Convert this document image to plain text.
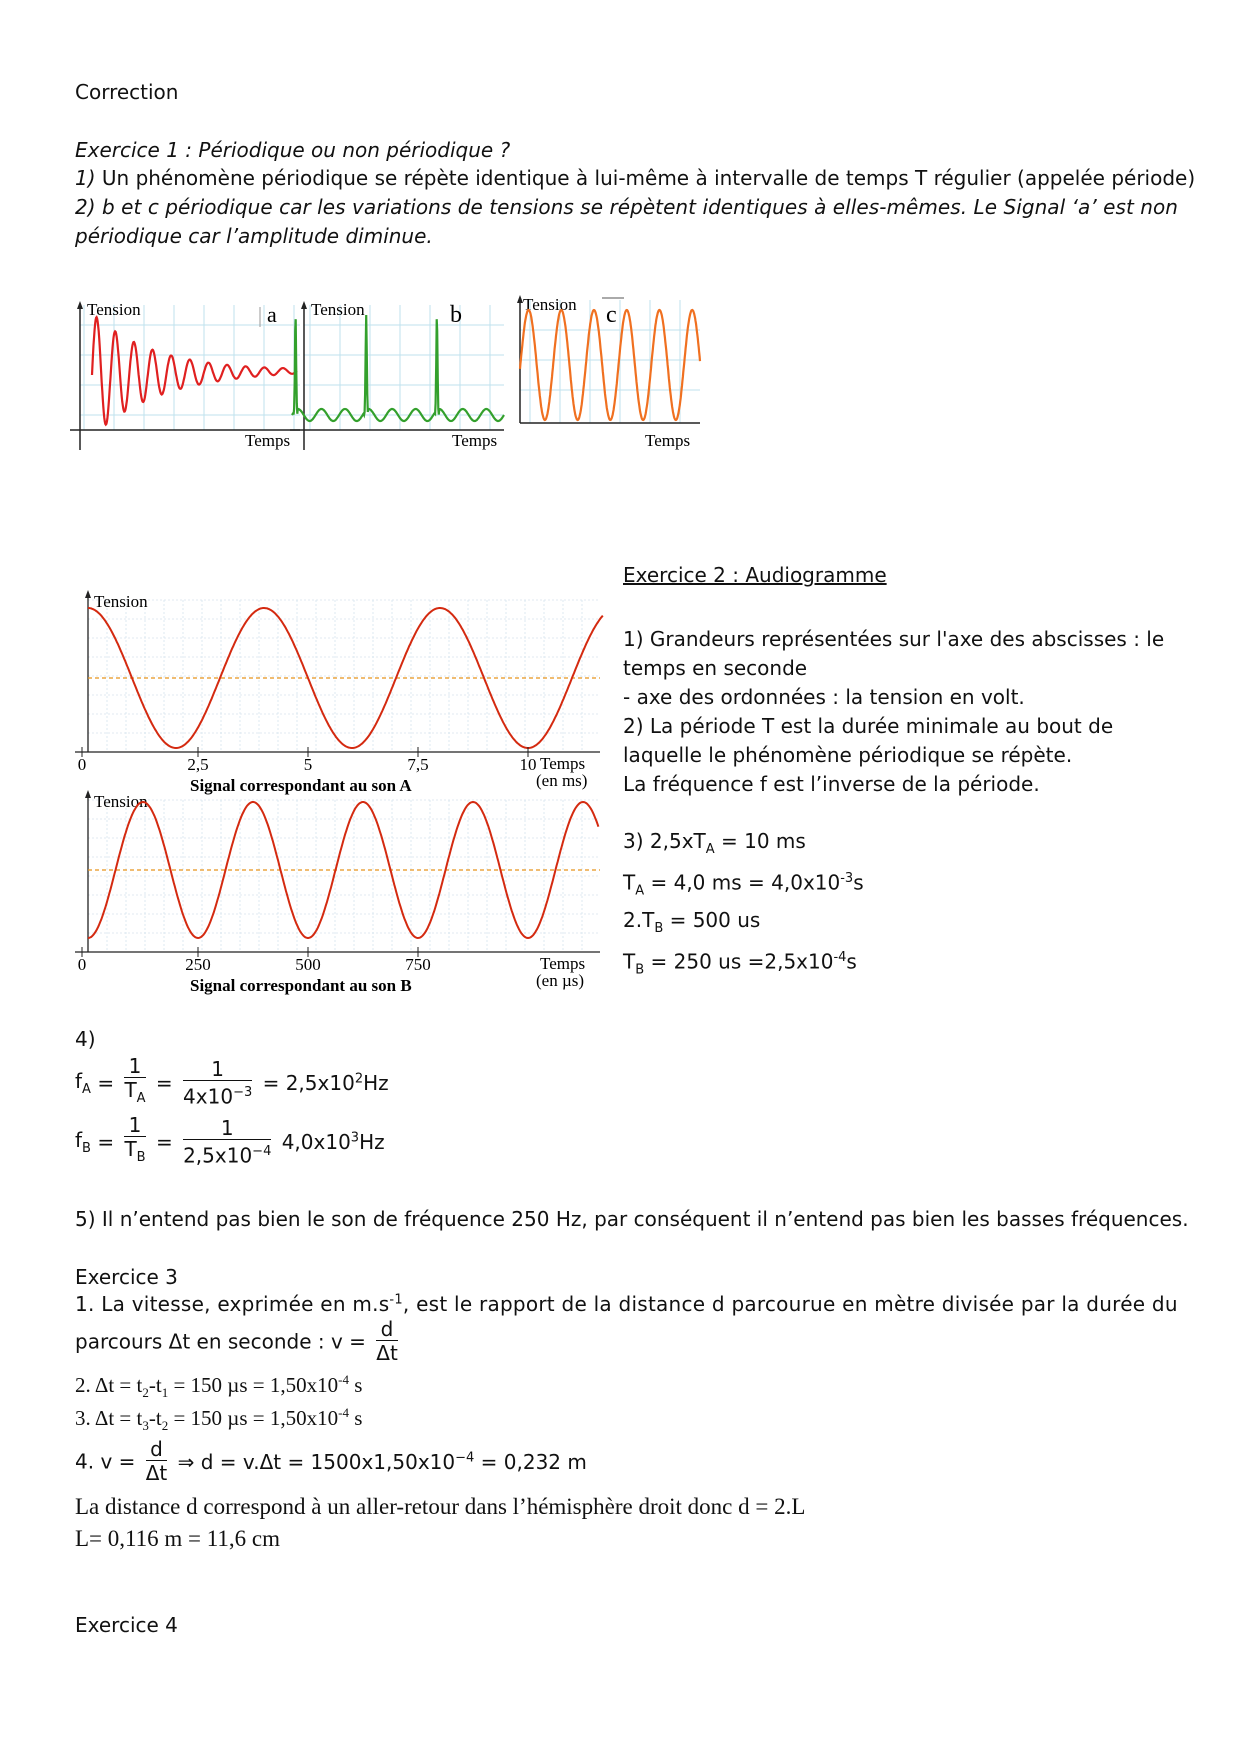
Correction
Exercice 1 : Périodique ou non périodique ?
1) Un phénomène périodique se répète identique à lui-même à intervalle de temps T régulier (appelée période)
2) b et c périodique car les variations de tensions se répètent identiques à elles-mêmes. Le Signal ‘a’ est non
périodique car l’amplitude diminue.
Tension
Temps
a Tension
Temps
b	Tension
Temps
c
Tension
0	2,5	5	7,5	10 Temps
(en ms)
Signal correspondant au son A
Tension
0	250	500	750	Temps
(en µs)
Signal correspondant au son B
Exercice 2 : Audiogramme
1) Grandeurs représentées sur l'axe des abscisses : le
temps en seconde
- axe des ordonnées : la tension en volt.
2) La période T est la durée minimale au bout de
laquelle le phénomène périodique se répète.
La fréquence f est l’inverse de la période.
3) $2,5xT_A = 10$ ms
$T_A = 4,0$ ms = $4,0x10^{-3}s$
$2.T_B = 500$ us
$T_B = 250$ us $=2,5x10^{-4}s$
4)
$f_A = \frac{1}{T_A} = \frac{1}{4x10^{-3}} = 2,5x10^2Hz$
$f_B = \frac{1}{T_B} = \frac{1}{2,5x10^{-4}} 4,0x10^3Hz$
5) Il n’entend pas bien le son de fréquence 250 Hz, par conséquent il n’entend pas bien les basses fréquences.
Exercice 3
1. La vitesse, exprimée en $m.s^{-1}$, est le rapport de la distance d parcourue en mètre divisée par la durée du
parcours Δt en seconde : $v = \frac{d}{\Delta t}$
2. $\Delta t = t_2-t_1 = 150$ $\mu s = 1,50x10^{-4}$ s
3. $\Delta t = t_3-t_2 = 150$ $\mu s = 1,50x10^{-4}$ s
4. $v = \frac{d}{\Delta t}$ ⇒ $d = v.\Delta t = 1500x1,50x10^{-4} = 0,232$ m
La distance d correspond à un aller-retour dans l’hémisphère droit donc d = 2.L
L= 0,116 m = 11,6 cm
Exercice 4
